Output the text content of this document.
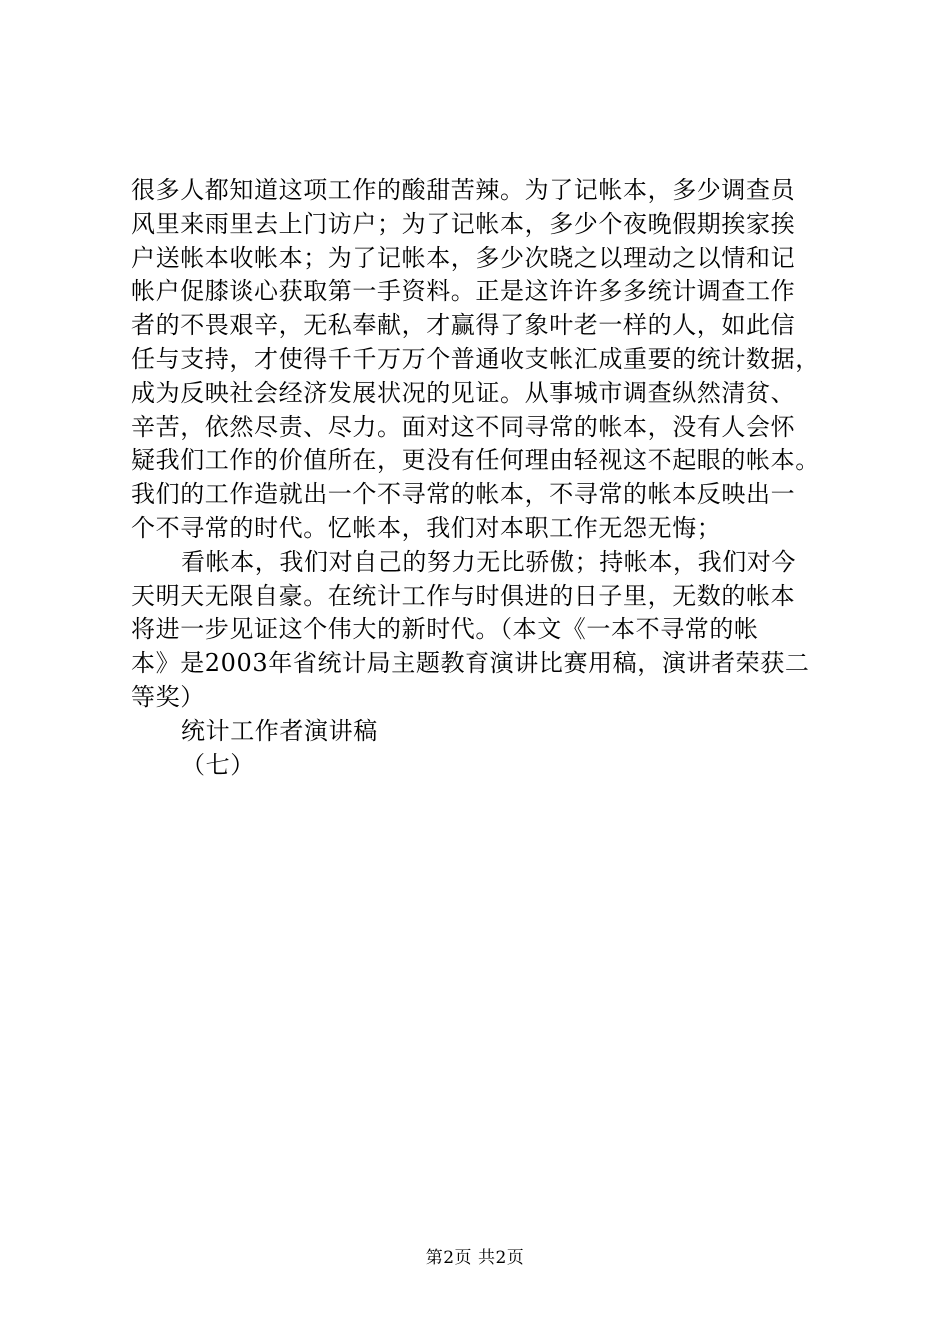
很多人都知道这项工作的酸甜苦辣。为了记帐本，多少调查员
风里来雨里去上门访户；为了记帐本，多少个夜晚假期挨家挨
户送帐本收帐本；为了记帐本，多少次晓之以理动之以情和记
帐户促膝谈心获取第一手资料。正是这许许多多统计调查工作
者的不畏艰辛，无私奉献，才赢得了象叶老一样的人，如此信
任与支持，才使得千千万万个普通收支帐汇成重要的统计数据，
成为反映社会经济发展状况的见证。从事城市调查纵然清贫、
辛苦，依然尽责、尽力。面对这不同寻常的帐本，没有人会怀
疑我们工作的价值所在，更没有任何理由轻视这不起眼的帐本。
我们的工作造就出一个不寻常的帐本，不寻常的帐本反映出一
个不寻常的时代。忆帐本，我们对本职工作无怨无悔；
看帐本，我们对自己的努力无比骄傲；持帐本，我们对今
天明天无限自豪。在统计工作与时俱进的日子里，无数的帐本
将进一步见证这个伟大的新时代。（本文《一本不寻常的帐
本》是2003年省统计局主题教育演讲比赛用稿，演讲者荣获二
等奖）
统计工作者演讲稿
（七）
第2页 共2页
